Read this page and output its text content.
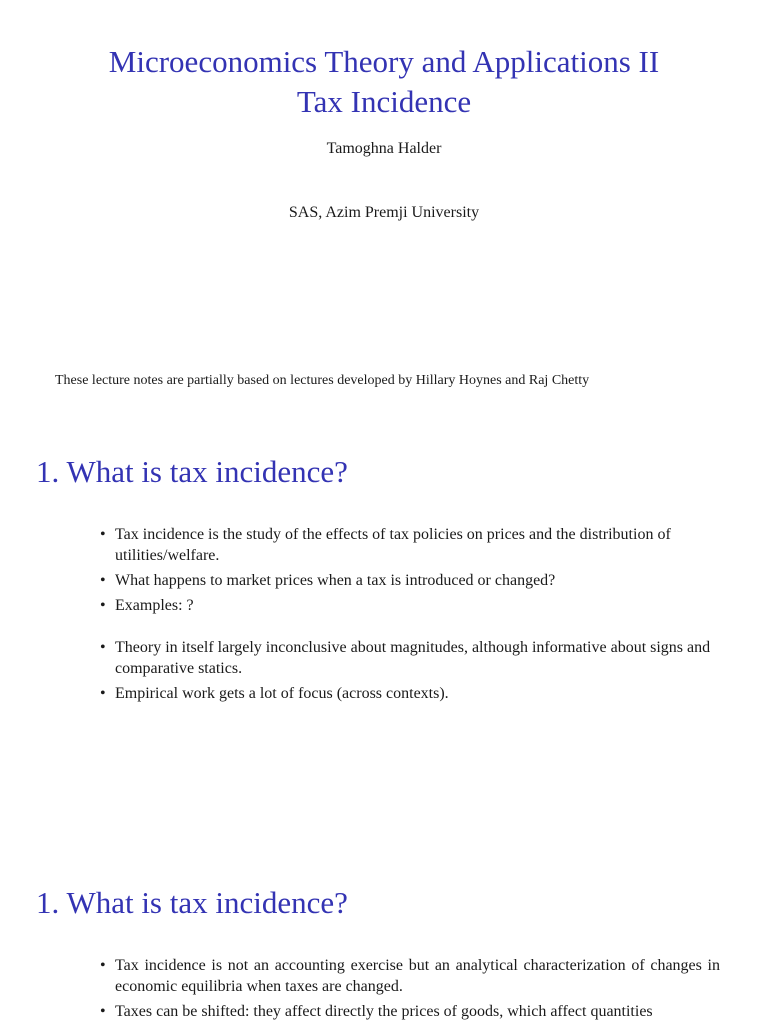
Microeconomics Theory and Applications II
Tax Incidence
Tamoghna Halder
SAS, Azim Premji University
These lecture notes are partially based on lectures developed by Hillary Hoynes and Raj Chetty
1. What is tax incidence?
• Tax incidence is the study of the effects of tax policies on prices and the distribution of utilities/welfare.
• What happens to market prices when a tax is introduced or changed?
• Examples: ?
• Theory in itself largely inconclusive about magnitudes, although informative about signs and comparative statics.
• Empirical work gets a lot of focus (across contexts).
1. What is tax incidence?
• Tax incidence is not an accounting exercise but an analytical characterization of changes in economic equilibria when taxes are changed.
• Taxes can be shifted: they affect directly the prices of goods, which affect quantities
